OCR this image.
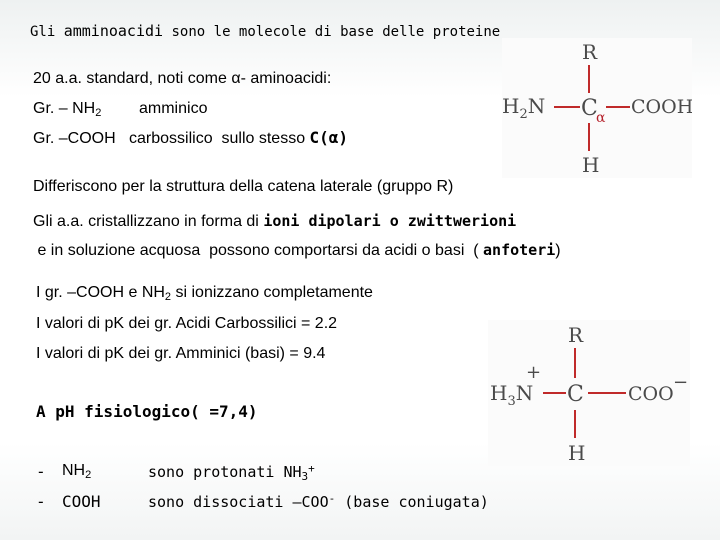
Gli amminoacidi sono le molecole di base delle proteine
20 a.a. standard, noti come α- aminoacidi:
Gr. – $NH_2$ amminico
Gr. –COOH   carbossilico  sullo stesso C(α)
Differiscono per la struttura della catena laterale (gruppo R)
Gli a.a. cristallizzano in forma di ioni dipolari o zwittwerioni
e in soluzione acquosa  possono comportarsi da acidi o basi  ( anfoteri)
I gr. –COOH e $NH_2$ si ionizzano completamente
I valori di pK dei gr. Acidi Carbossilici = 2.2
I valori di pK dei gr. Amminici (basi) = 9.4
A pH fisiologico( =7,4)
- $NH_2$	sono protonati $NH_3^+$
- COOH	sono dissociati –COO- (base coniugata)
R
$H_2N$ C
α COOH
H
R
$H_3N$
+
C COO
−
H
